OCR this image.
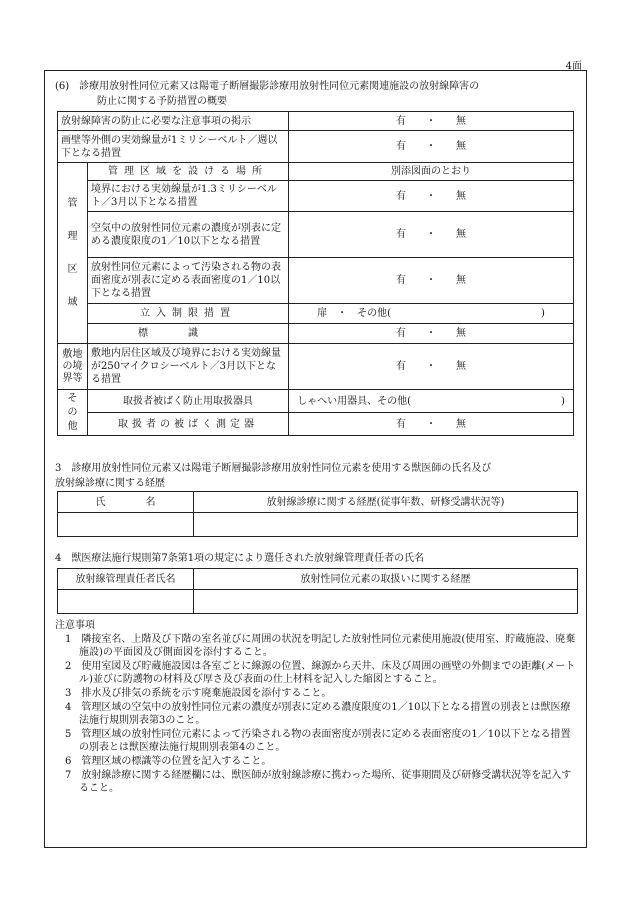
4面
(6)　診療用放射性同位元素又は陽電子断層撮影診療用放射性同位元素関連施設の放射線障害の
防止に関する予防措置の概要
放射線障害の防止に必要な注意事項の掲示		有　　・　　無
画壁等外側の実効線量が1ミリシーベルト／週以下となる措置		有　　・　　無

管理区域	管理区域を設ける場所	別添図面のとおり
	境界における実効線量が1.3ミリシーベルト／3月以下となる措置	有　　・　　無
	空気中の放射性同位元素の濃度が別表に定める濃度限度の1／10以下となる措置	有　　・　　無
	放射性同位元素によって汚染される物の表面密度が別表に定める表面密度の1／10以下となる措置	有　　・　　無
	立入制限措置	扉　・　その他(　　　　　　　　　　　　　　　)
	標識	有　　・　　無

敷地の境界等	敷地内居住区域及び境界における実効線量が250マイクロシーベルト／3月以下となる措置	有　　・　　無

その他	取扱者被ばく防止用取扱器具	しゃへい用器具、その他(　　　　　　　　　　　　　　　)
	取扱者の被ばく測定器	有　　・　　無
3　診療用放射性同位元素又は陽電子断層撮影診療用放射性同位元素を使用する獣医師の氏名及び
放射線診療に関する経歴
氏　　　　名	放射線診療に関する経歴(従事年数、研修受講状況等)

4　獣医療法施行規則第7条第1項の規定により選任された放射線管理責任者の氏名
放射線管理責任者氏名	放射性同位元素の取扱いに関する経歴

注意事項
1　隣接室名、上階及び下階の室名並びに周囲の状況を明記した放射性同位元素使用施設(使用室、貯蔵施設、廃棄施設)の平面図及び側面図を添付すること。
2　使用室図及び貯蔵施設図は各室ごとに線源の位置、線源から天井、床及び周囲の画壁の外側までの距離(メートル)並びに防護物の材料及び厚さ及び表面の仕上材料を記入した縮図とすること。
3　排水及び排気の系統を示す廃棄施設図を添付すること。
4　管理区域の空気中の放射性同位元素の濃度が別表に定める濃度限度の1／10以下となる措置の別表とは獣医療法施行規則別表第3のこと。
5　管理区域の放射性同位元素によって汚染される物の表面密度が別表に定める表面密度の1／10以下となる措置の別表とは獣医療法施行規則別表第4のこと。
6　管理区域の標識等の位置を記入すること。
7　放射線診療に関する経歴欄には、獣医師が放射線診療に携わった場所、従事期間及び研修受講状況等を記入すること。
